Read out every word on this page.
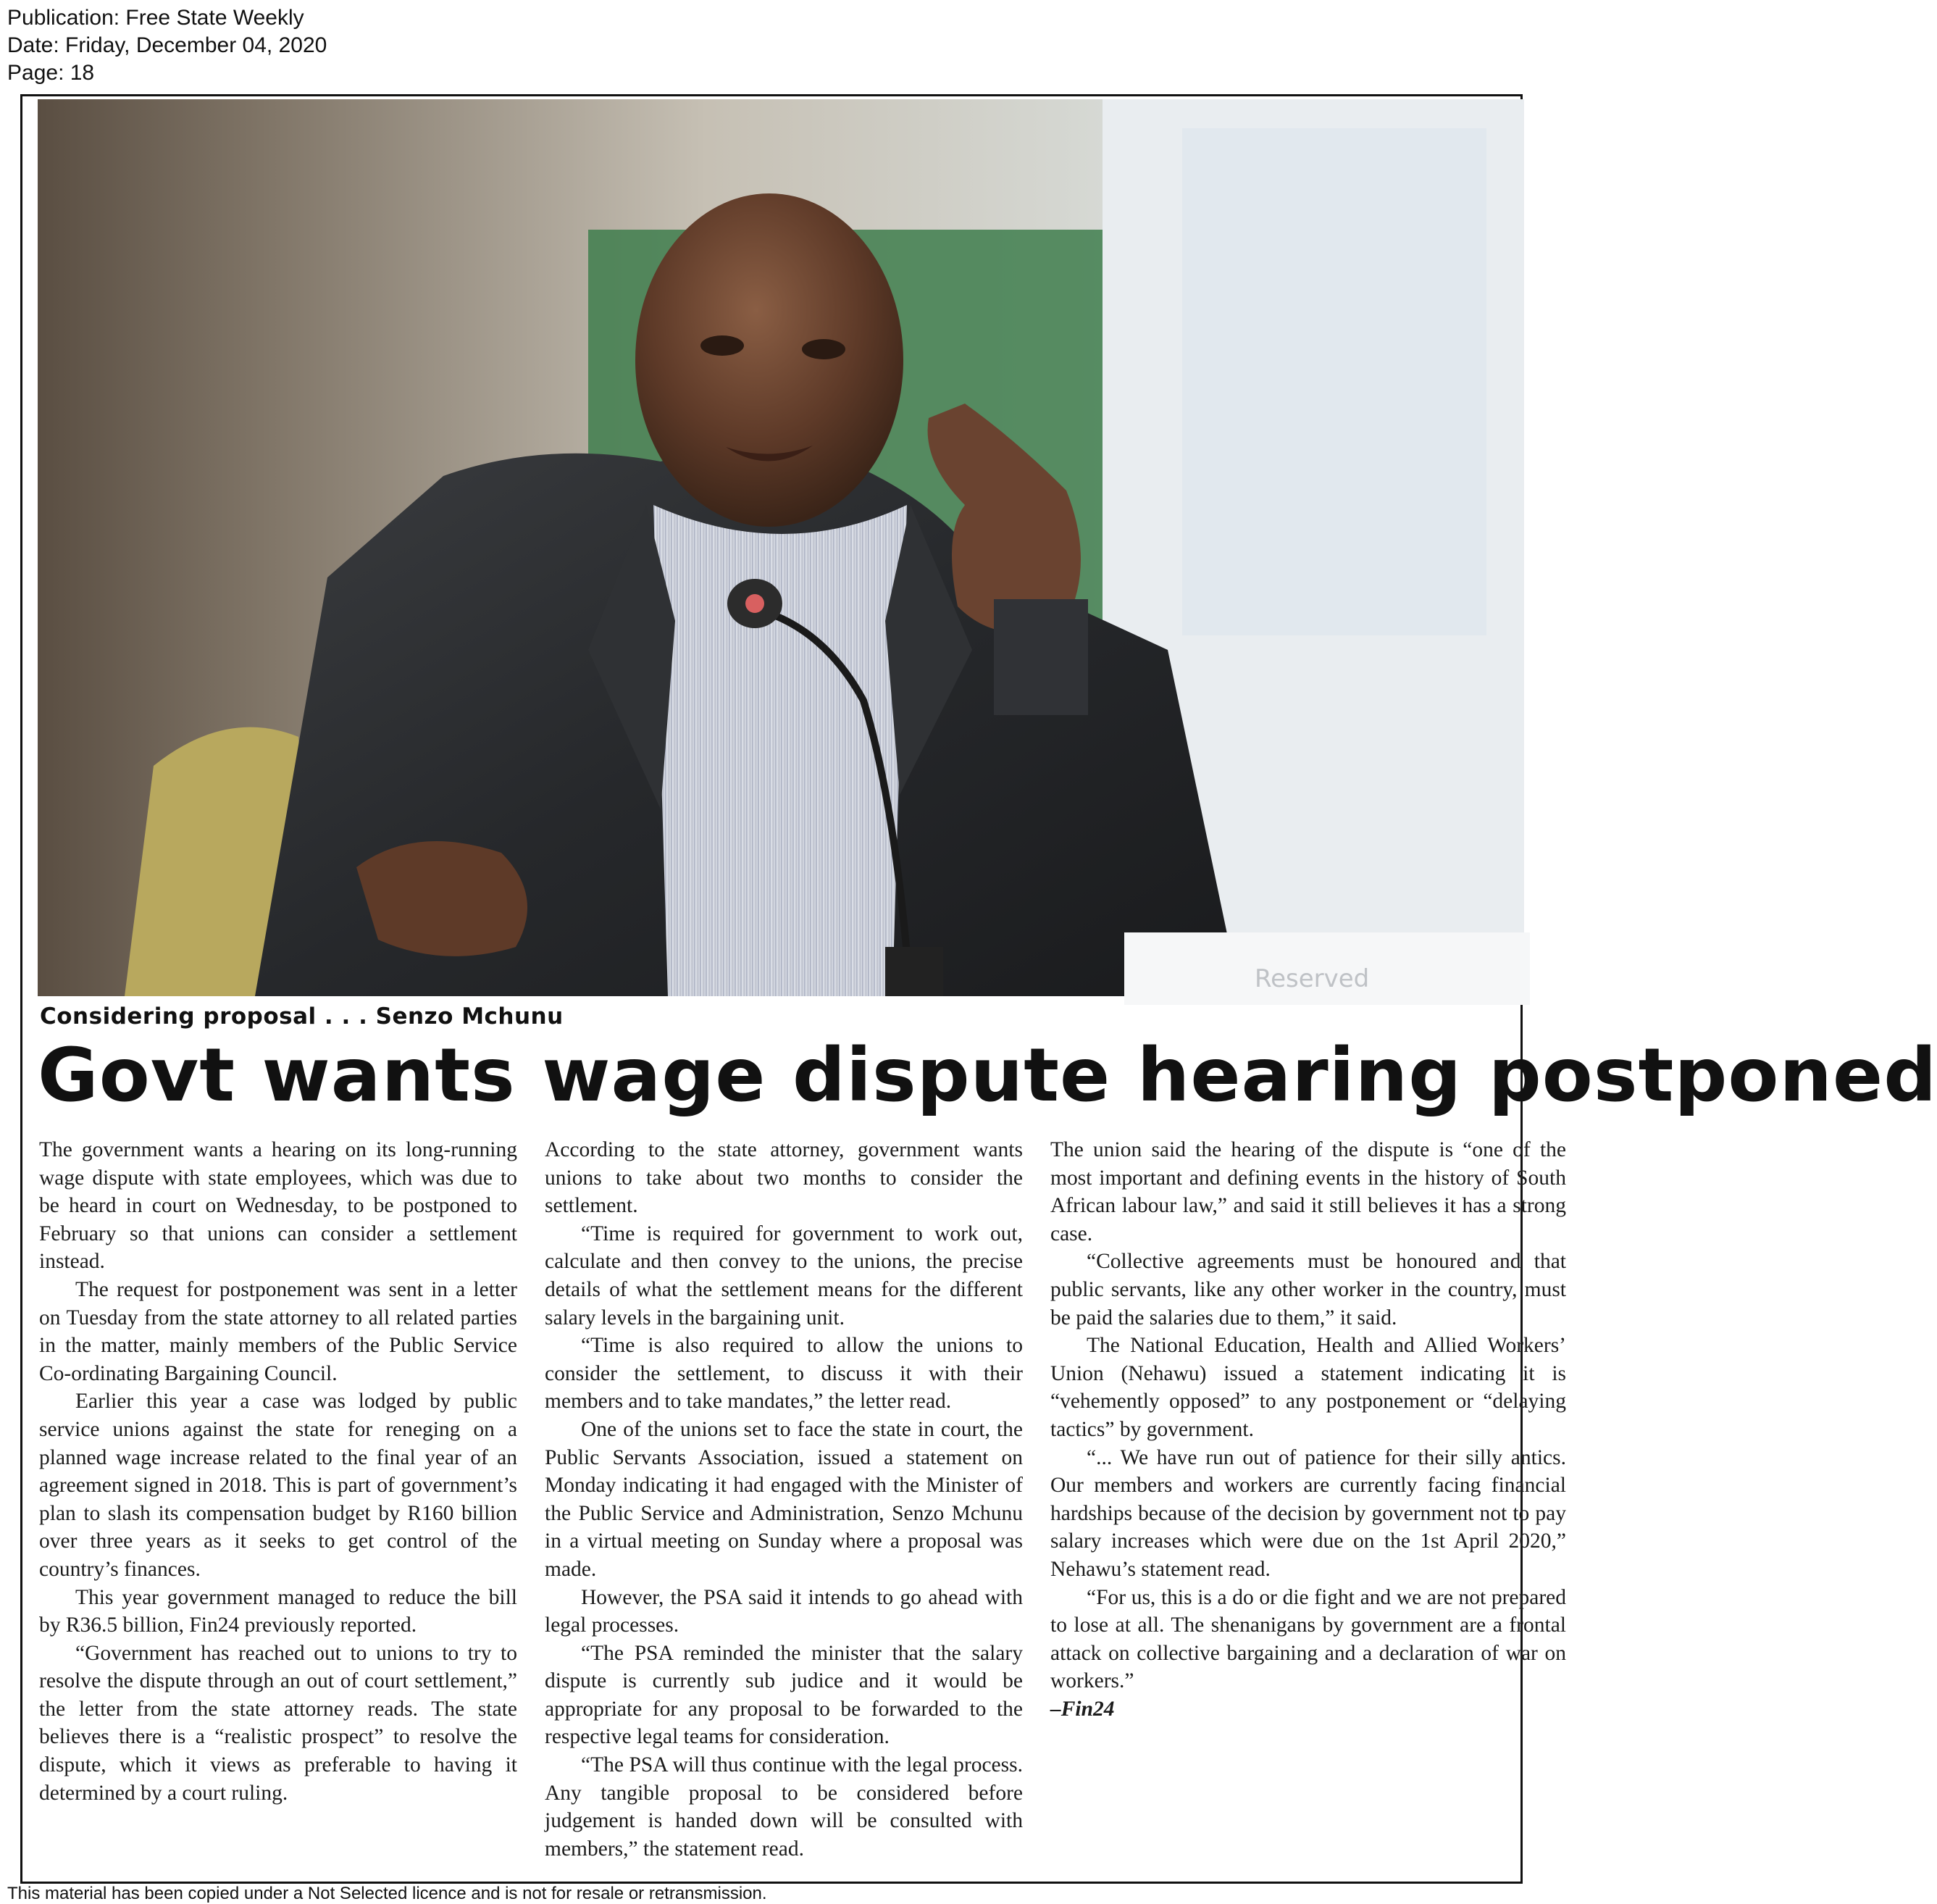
Publication: Free State Weekly
Date: Friday, December 04, 2020
Page: 18
Reserved
Considering proposal . . . Senzo Mchunu
Govt wants wage dispute hearing postponed

The government wants a hearing on its long-running wage dispute with state employees, which was due to be heard in court on Wednesday, to be postponed to February so that unions can consider a settlement instead.

The request for postponement was sent in a letter on Tuesday from the state attorney to all related parties in the matter, mainly members of the Public Service Co-ordinating Bargaining Council.

Earlier this year a case was lodged by public service unions against the state for reneging on a planned wage increase related to the final year of an agreement signed in 2018. This is part of government’s plan to slash its compensation budget by R160 billion over three years as it seeks to get control of the country’s finances.

This year government managed to reduce the bill by R36.5 billion, Fin24 previously reported.

“Government has reached out to unions to try to resolve the dispute through an out of court settlement,” the letter from the state attorney reads. The state believes there is a “realistic prospect” to resolve the dispute, which it views as preferable to having it determined by a court ruling.

According to the state attorney, government wants unions to take about two months to consider the settlement.

“Time is required for government to work out, calculate and then convey to the unions, the precise details of what the settlement means for the different salary levels in the bargaining unit.

“Time is also required to allow the unions to consider the settlement, to discuss it with their members and to take mandates,” the letter read.

One of the unions set to face the state in court, the Public Servants Association, issued a statement on Monday indicating it had engaged with the Minister of the Public Service and Administration, Senzo Mchunu in a virtual meeting on Sunday where a proposal was made.

However, the PSA said it intends to go ahead with legal processes.

“The PSA reminded the minister that the salary dispute is currently sub judice and it would be appropriate for any proposal to be forwarded to the respective legal teams for consideration.

“The PSA will thus continue with the legal process. Any tangible proposal to be considered before judgement is handed down will be consulted with members,” the statement read.

The union said the hearing of the dispute is “one of the most important and defining events in the history of South African labour law,” and said it still believes it has a strong case.

“Collective agreements must be honoured and that public servants, like any other worker in the country, must be paid the salaries due to them,” it said.

The National Education, Health and Allied Workers’ Union (Nehawu) issued a statement indicating it is “vehemently opposed” to any postponement or “delaying tactics” by government.

“... We have run out of patience for their silly antics. Our members and workers are currently facing financial hardships because of the decision by government not to pay salary increases which were due on the 1st April 2020,” Nehawu’s statement read.

“For us, this is a do or die fight and we are not prepared to lose at all. The shenanigans by government are a frontal attack on collective bargaining and a declaration of war on workers.”

–Fin24

This material has been copied under a Not Selected licence and is not for resale or retransmission.
